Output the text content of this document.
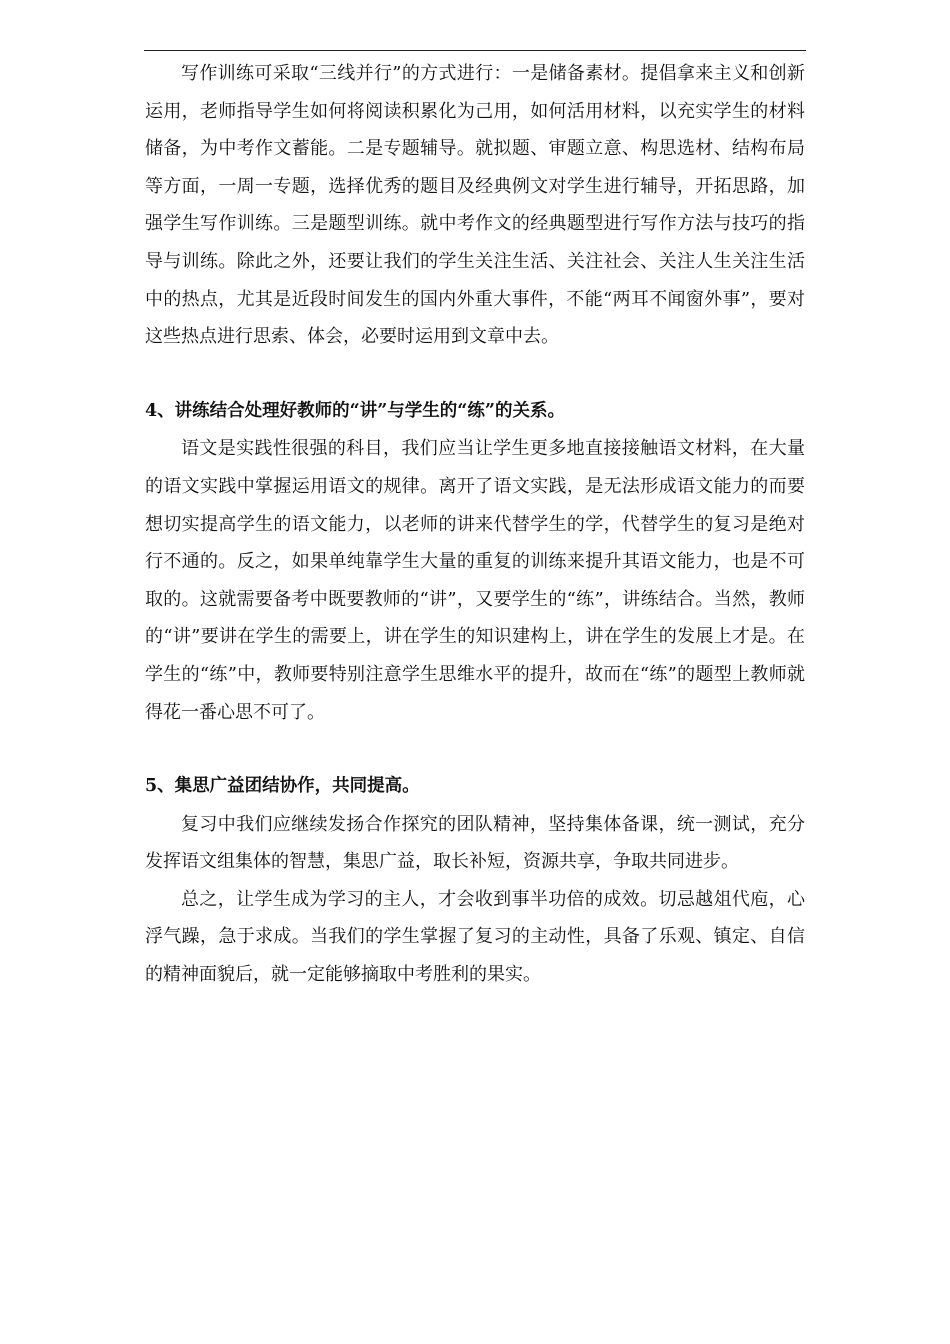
写作训练可采取“三线并行”的方式进行：一是储备素材。提倡拿来主义和创新运用，老师指导学生如何将阅读积累化为己用，如何活用材料，以充实学生的材料储备，为中考作文蓄能。二是专题辅导。就拟题、审题立意、构思选材、结构布局等方面，一周一专题，选择优秀的题目及经典例文对学生进行辅导，开拓思路，加强学生写作训练。三是题型训练。就中考作文的经典题型进行写作方法与技巧的指导与训练。除此之外，还要让我们的学生关注生活、关注社会、关注人生关注生活中的热点，尤其是近段时间发生的国内外重大事件，不能“两耳不闻窗外事”，要对这些热点进行思索、体会，必要时运用到文章中去。

4、讲练结合处理好教师的“讲”与学生的“练”的关系。

语文是实践性很强的科目，我们应当让学生更多地直接接触语文材料，在大量的语文实践中掌握运用语文的规律。离开了语文实践，是无法形成语文能力的而要想切实提高学生的语文能力，以老师的讲来代替学生的学，代替学生的复习是绝对行不通的。反之，如果单纯靠学生大量的重复的训练来提升其语文能力，也是不可取的。这就需要备考中既要教师的“讲”，又要学生的“练”，讲练结合。当然，教师的“讲”要讲在学生的需要上，讲在学生的知识建构上，讲在学生的发展上才是。在学生的“练”中，教师要特别注意学生思维水平的提升，故而在“练”的题型上教师就得花一番心思不可了。

5、集思广益团结协作，共同提高。

复习中我们应继续发扬合作探究的团队精神，坚持集体备课，统一测试，充分发挥语文组集体的智慧，集思广益，取长补短，资源共享，争取共同进步。

总之，让学生成为学习的主人，才会收到事半功倍的成效。切忌越俎代庖，心浮气躁，急于求成。当我们的学生掌握了复习的主动性，具备了乐观、镇定、自信的精神面貌后，就一定能够摘取中考胜利的果实。
